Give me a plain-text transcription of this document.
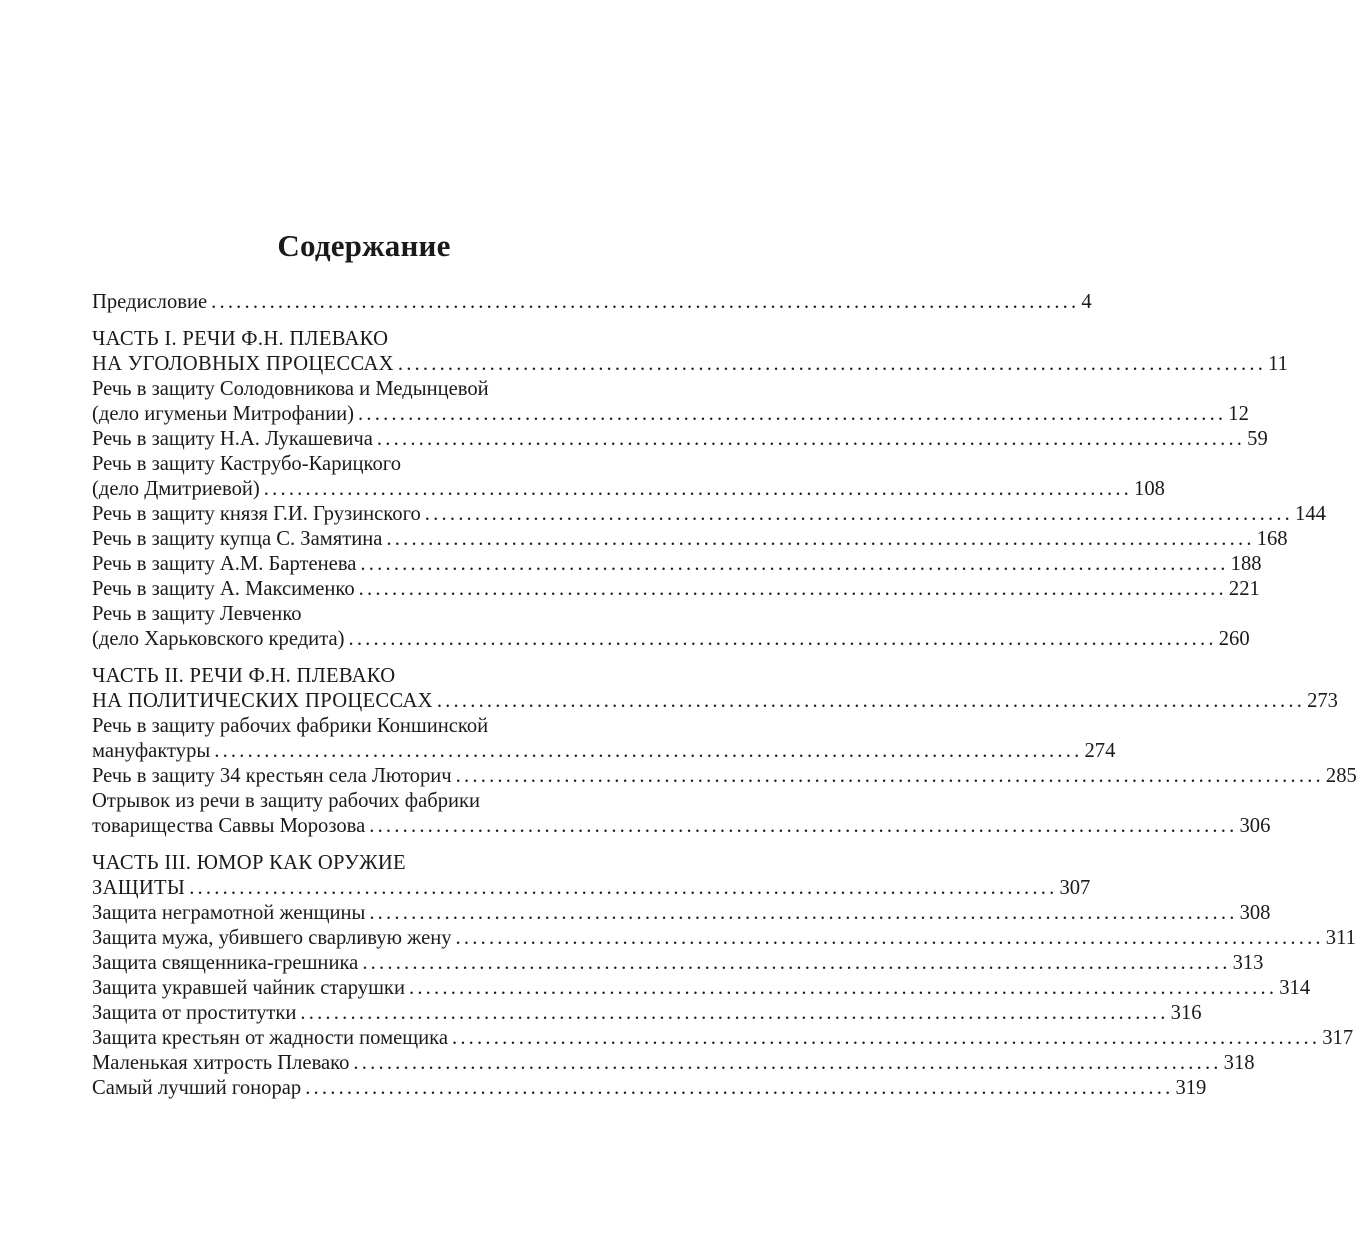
Содержание
Предисловие ........................................................................................................ 4
ЧАСТЬ I. РЕЧИ Ф.Н. ПЛЕВАКО
НА УГОЛОВНЫХ ПРОЦЕССАХ ........................................................................................................ 11
Речь в защиту Солодовникова и Медынцевой
(дело игуменьи Митрофании) ........................................................................................................ 12
Речь в защиту Н.А. Лукашевича ........................................................................................................ 59
Речь в защиту Каструбо-Карицкого
(дело Дмитриевой) ........................................................................................................ 108
Речь в защиту князя Г.И. Грузинского ........................................................................................................ 144
Речь в защиту купца С. Замятина ........................................................................................................ 168
Речь в защиту А.М. Бартенева ........................................................................................................ 188
Речь в защиту А. Максименко ........................................................................................................ 221
Речь в защиту Левченко
(дело Харьковского кредита) ........................................................................................................ 260
ЧАСТЬ II. РЕЧИ Ф.Н. ПЛЕВАКО
НА ПОЛИТИЧЕСКИХ ПРОЦЕССАХ ........................................................................................................ 273
Речь в защиту рабочих фабрики Коншинской
мануфактуры ........................................................................................................ 274
Речь в защиту 34 крестьян села Люторич ........................................................................................................ 285
Отрывок из речи в защиту рабочих фабрики
товарищества Саввы Морозова ........................................................................................................ 306
ЧАСТЬ III. ЮМОР КАК ОРУЖИЕ
ЗАЩИТЫ ........................................................................................................ 307
Защита неграмотной женщины ........................................................................................................ 308
Защита мужа, убившего сварливую жену ........................................................................................................ 311
Защита священника-грешника ........................................................................................................ 313
Защита укравшей чайник старушки ........................................................................................................ 314
Защита от проститутки ........................................................................................................ 316
Защита крестьян от жадности помещика ........................................................................................................ 317
Маленькая хитрость Плевако ........................................................................................................ 318
Самый лучший гонорар ........................................................................................................ 319
